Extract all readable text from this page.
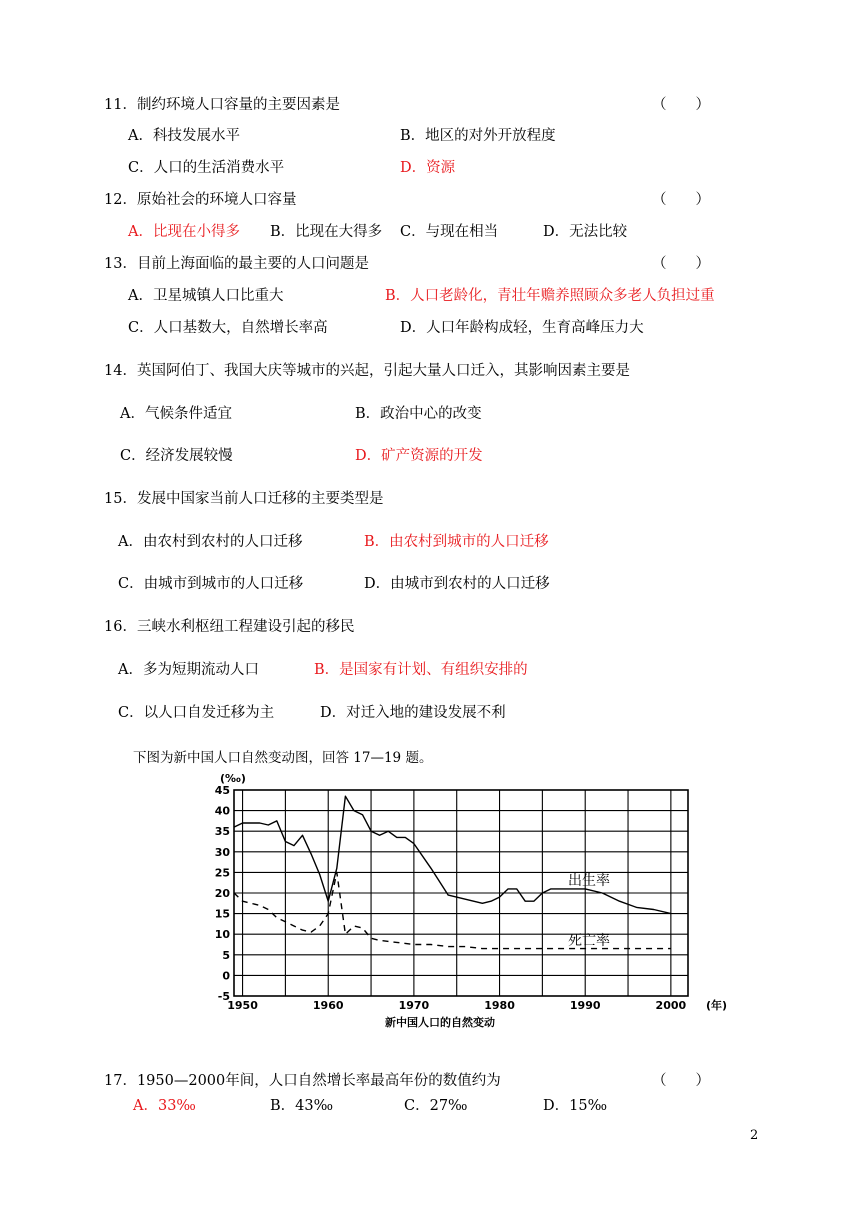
11．制约环境人口容量的主要因素是	（　　）
A．科技发展水平	B．地区的对外开放程度
C．人口的生活消费水平	D．资源
12．原始社会的环境人口容量	（　　）
A．比现在小得多 B．比现在大得多 C．与现在相当	D．无法比较
13．目前上海面临的最主要的人口问题是	（　　）
A．卫星城镇人口比重大	B．人口老龄化，青壮年赡养照顾众多老人负担过重
C．人口基数大，自然增长率高	D．人口年龄构成轻，生育高峰压力大
14．英国阿伯丁、我国大庆等城市的兴起，引起大量人口迁入，其影响因素主要是
A．气候条件适宜	B．政治中心的改变
C．经济发展较慢	D．矿产资源的开发
15．发展中国家当前人口迁移的主要类型是
A．由农村到农村的人口迁移	B．由农村到城市的人口迁移
C．由城市到城市的人口迁移	D．由城市到农村的人口迁移
16．三峡水利枢纽工程建设引起的移民
A．多为短期流动人口	B．是国家有计划、有组织安排的
C．以人口自发迁移为主	D．对迁入地的建设发展不利
下图为新中国人口自然变动图，回答 17—19 题。
-5
0
5
10
15
20
25
30
35
40
45
1950	1960	1970	1980	1990	2000
(‰)
(年)
出生率
死亡率
新中国人口的自然变动
17．1950—2000年间，人口自然增长率最高年份的数值约为	（　　）
A．33‰	B．43‰	C．27‰	D．15‰
2
